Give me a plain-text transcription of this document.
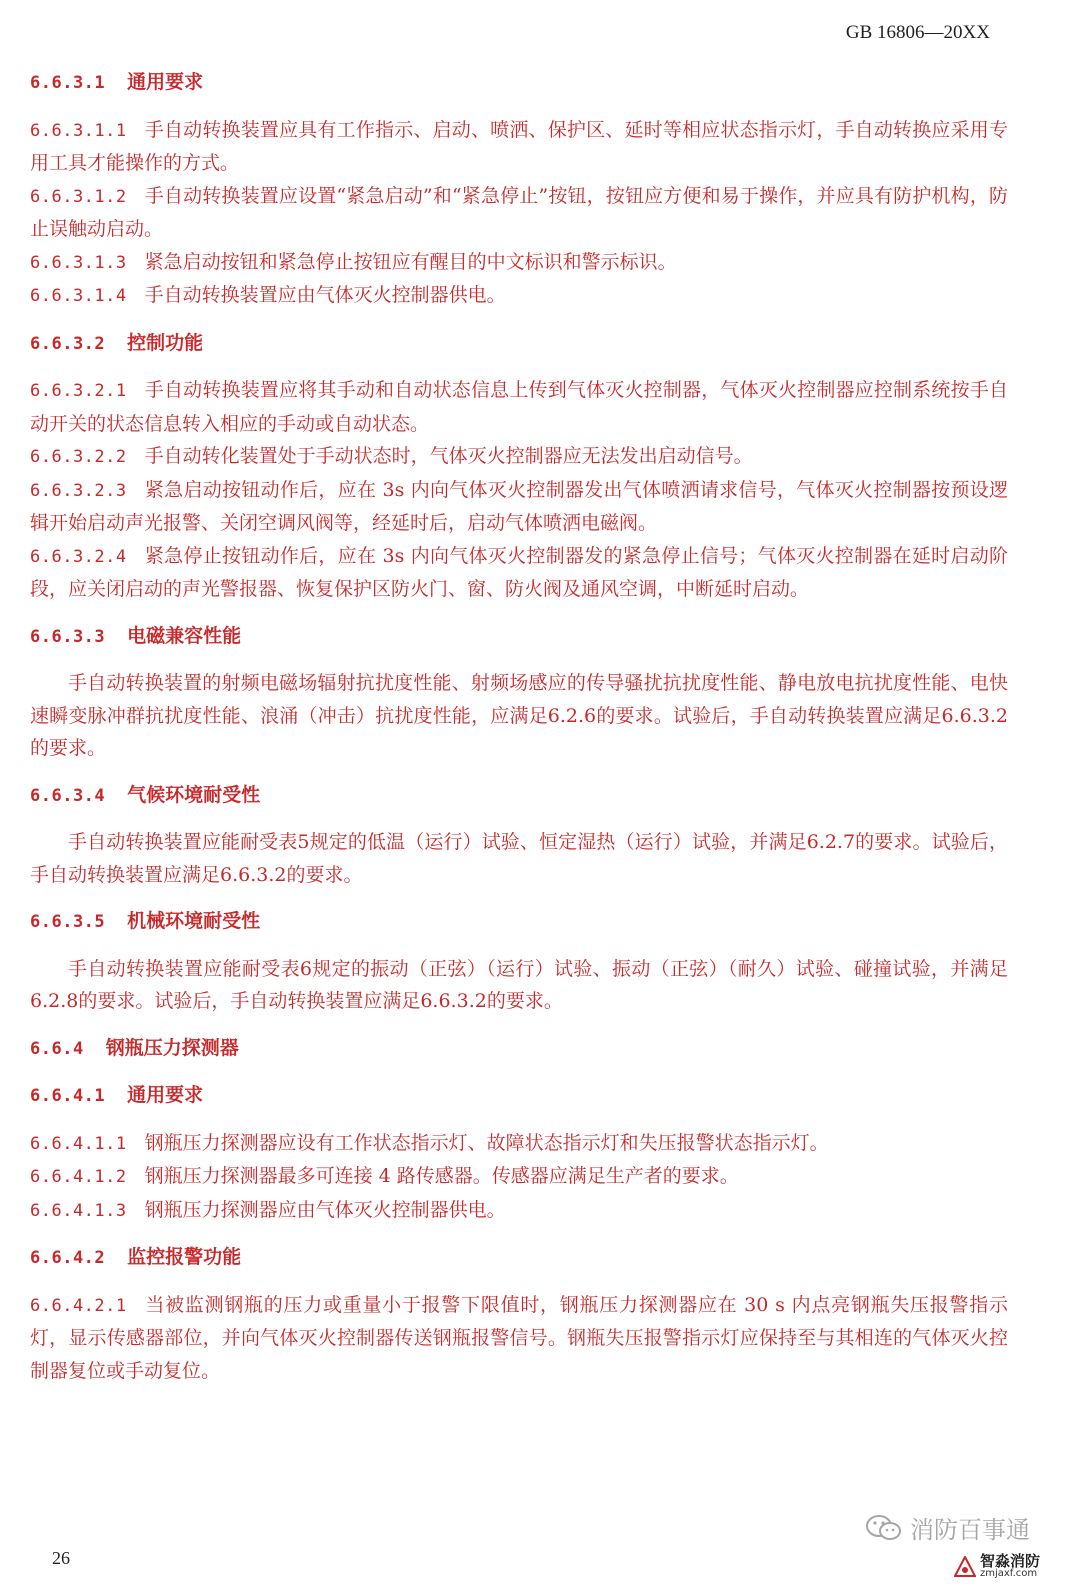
GB 16806—20XX

6.6.3.1 通用要求

6.6.3.1.1 手自动转换装置应具有工作指示、启动、喷洒、保护区、延时等相应状态指示灯，手自动转换应采用专用工具才能操作的方式。

6.6.3.1.2 手自动转换装置应设置“紧急启动”和“紧急停止”按钮，按钮应方便和易于操作，并应具有防护机构，防止误触动启动。

6.6.3.1.3 紧急启动按钮和紧急停止按钮应有醒目的中文标识和警示标识。

6.6.3.1.4 手自动转换装置应由气体灭火控制器供电。

6.6.3.2 控制功能

6.6.3.2.1 手自动转换装置应将其手动和自动状态信息上传到气体灭火控制器，气体灭火控制器应控制系统按手自动开关的状态信息转入相应的手动或自动状态。

6.6.3.2.2 手自动转化装置处于手动状态时，气体灭火控制器应无法发出启动信号。

6.6.3.2.3 紧急启动按钮动作后，应在 3s 内向气体灭火控制器发出气体喷洒请求信号，气体灭火控制器按预设逻辑开始启动声光报警、关闭空调风阀等，经延时后，启动气体喷洒电磁阀。

6.6.3.2.4 紧急停止按钮动作后，应在 3s 内向气体灭火控制器发的紧急停止信号；气体灭火控制器在延时启动阶段，应关闭启动的声光警报器、恢复保护区防火门、窗、防火阀及通风空调，中断延时启动。

6.6.3.3 电磁兼容性能

手自动转换装置的射频电磁场辐射抗扰度性能、射频场感应的传导骚扰抗扰度性能、静电放电抗扰度性能、电快速瞬变脉冲群抗扰度性能、浪涌（冲击）抗扰度性能，应满足6.2.6的要求。试验后，手自动转换装置应满足6.6.3.2的要求。

6.6.3.4 气候环境耐受性

手自动转换装置应能耐受表5规定的低温（运行）试验、恒定湿热（运行）试验，并满足6.2.7的要求。试验后，手自动转换装置应满足6.6.3.2的要求。

6.6.3.5 机械环境耐受性

手自动转换装置应能耐受表6规定的振动（正弦）（运行）试验、振动（正弦）（耐久）试验、碰撞试验，并满足6.2.8的要求。试验后，手自动转换装置应满足6.6.3.2的要求。

6.6.4 钢瓶压力探测器

6.6.4.1 通用要求

6.6.4.1.1 钢瓶压力探测器应设有工作状态指示灯、故障状态指示灯和失压报警状态指示灯。

6.6.4.1.2 钢瓶压力探测器最多可连接 4 路传感器。传感器应满足生产者的要求。

6.6.4.1.3 钢瓶压力探测器应由气体灭火控制器供电。

6.6.4.2 监控报警功能

6.6.4.2.1 当被监测钢瓶的压力或重量小于报警下限值时，钢瓶压力探测器应在 30 s 内点亮钢瓶失压报警指示灯，显示传感器部位，并向气体灭火控制器传送钢瓶报警信号。钢瓶失压报警指示灯应保持至与其相连的气体灭火控制器复位或手动复位。

26
消防百事通
智淼消防
zmjaxf.com
